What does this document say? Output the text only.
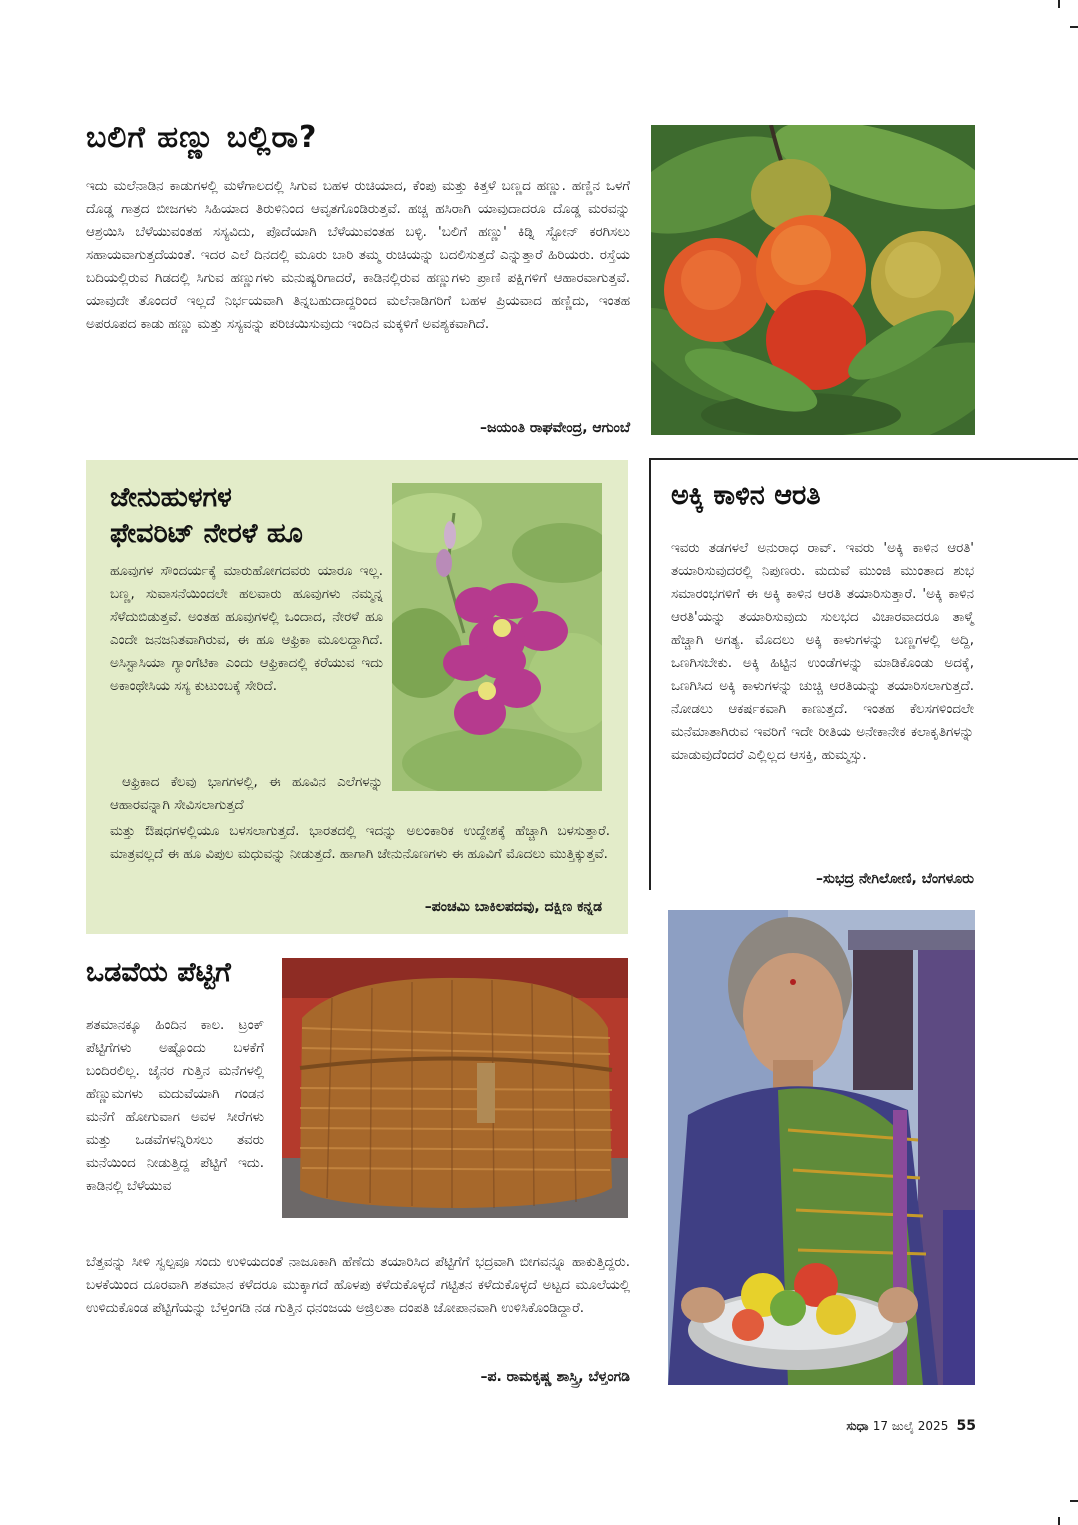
ಬಲಿಗೆ ಹಣ್ಣು ಬಲ್ಲಿರಾ?
ಇದು ಮಲೆನಾಡಿನ ಕಾಡುಗಳಲ್ಲಿ ಮಳೆಗಾಲದಲ್ಲಿ ಸಿಗುವ ಬಹಳ ರುಚಿಯಾದ, ಕೆಂಪು ಮತ್ತು ಕಿತ್ತಳೆ ಬಣ್ಣದ ಹಣ್ಣು. ಹಣ್ಣಿನ ಒಳಗೆ ದೊಡ್ಡ ಗಾತ್ರದ ಬೀಜಗಳು ಸಿಹಿಯಾದ ತಿರುಳಿನಿಂದ ಆವೃತಗೊಂಡಿರುತ್ತವೆ. ಹಚ್ಚ ಹಸಿರಾಗಿ ಯಾವುದಾದರೂ ದೊಡ್ಡ ಮರವನ್ನು ಆಶ್ರಯಿಸಿ ಬೆಳೆಯುವಂತಹ ಸಸ್ಯವಿದು, ಪೊದೆಯಾಗಿ ಬೆಳೆಯುವಂತಹ ಬಳ್ಳಿ. 'ಬಲಿಗೆ ಹಣ್ಣು' ಕಿಡ್ನಿ ಸ್ಟೋನ್ ಕರಗಿಸಲು ಸಹಾಯವಾಗುತ್ತದೆಯಂತೆ. ಇದರ ಎಲೆ ದಿನದಲ್ಲಿ ಮೂರು ಬಾರಿ ತಮ್ಮ ರುಚಿಯನ್ನು ಬದಲಿಸುತ್ತದೆ ಎನ್ನುತ್ತಾರೆ ಹಿರಿಯರು. ರಸ್ತೆಯ ಬದಿಯಲ್ಲಿರುವ ಗಿಡದಲ್ಲಿ ಸಿಗುವ ಹಣ್ಣುಗಳು ಮನುಷ್ಯರಿಗಾದರೆ, ಕಾಡಿನಲ್ಲಿರುವ ಹಣ್ಣುಗಳು ಪ್ರಾಣಿ ಪಕ್ಷಿಗಳಿಗೆ ಆಹಾರವಾಗುತ್ತವೆ. ಯಾವುದೇ ತೊಂದರೆ ಇಲ್ಲದೆ ನಿರ್ಭಯವಾಗಿ ತಿನ್ನಬಹುದಾದ್ದರಿಂದ ಮಲೆನಾಡಿಗರಿಗೆ ಬಹಳ ಪ್ರಿಯವಾದ ಹಣ್ಣಿದು, ಇಂತಹ ಅಪರೂಪದ ಕಾಡು ಹಣ್ಣು ಮತ್ತು ಸಸ್ಯವನ್ನು ಪರಿಚಯಿಸುವುದು ಇಂದಿನ ಮಕ್ಕಳಿಗೆ ಅವಶ್ಯಕವಾಗಿದೆ.
–ಜಯಂತಿ ರಾಘವೇಂದ್ರ, ಆಗುಂಬೆ
ಜೇನುಹುಳಗಳ
ಫೇವರಿಟ್ ನೇರಳೆ ಹೂ
ಹೂವುಗಳ ಸೌಂದರ್ಯಕ್ಕೆ ಮಾರುಹೋಗದವರು ಯಾರೂ ಇಲ್ಲ. ಬಣ್ಣ, ಸುವಾಸನೆಯಿಂದಲೇ ಹಲವಾರು ಹೂವುಗಳು ನಮ್ಮನ್ನ ಸೆಳೆದುಬಿಡುತ್ತವೆ. ಅಂತಹ ಹೂವುಗಳಲ್ಲಿ ಒಂದಾದ, ನೇರಳೆ ಹೂ ಎಂದೇ ಜನಜನಿತವಾಗಿರುವ, ಈ ಹೂ ಆಫ್ರಿಕಾ ಮೂಲದ್ದಾಗಿದೆ. ಅಸಿಸ್ಟಾಸಿಯಾ ಗ್ಯಾಂಗೆಟಿಕಾ ಎಂದು ಆಫ್ರಿಕಾದಲ್ಲಿ ಕರೆಯುವ ಇದು ಅಕಾಂಥೇಸಿಯ ಸಸ್ಯ ಕುಟುಂಬಕ್ಕೆ ಸೇರಿದೆ.
ಆಫ್ರಿಕಾದ ಕೆಲವು ಭಾಗಗಳಲ್ಲಿ, ಈ ಹೂವಿನ ಎಲೆಗಳನ್ನು ಆಹಾರವನ್ನಾಗಿ ಸೇವಿಸಲಾಗುತ್ತದೆ
ಮತ್ತು ಔಷಧಗಳಲ್ಲಿಯೂ ಬಳಸಲಾಗುತ್ತದೆ. ಭಾರತದಲ್ಲಿ ಇದನ್ನು ಅಲಂಕಾರಿಕ ಉದ್ದೇಶಕ್ಕೆ ಹೆಚ್ಚಾಗಿ ಬಳಸುತ್ತಾರೆ. ಮಾತ್ರವಲ್ಲದೆ ಈ ಹೂ ವಿಪುಲ ಮಧುವನ್ನು ನೀಡುತ್ತದೆ. ಹಾಗಾಗಿ ಜೇನುನೊಣಗಳು ಈ ಹೂವಿಗೆ ಮೊದಲು ಮುತ್ತಿಕ್ಕುತ್ತವೆ.
–ಪಂಚಮಿ ಬಾಕಿಲಪದವು, ದಕ್ಷಿಣ ಕನ್ನಡ
ಅಕ್ಕಿ ಕಾಳಿನ ಆರತಿ
ಇವರು ತಡಗಳಲೆ ಅನುರಾಧ ರಾವ್. ಇವರು 'ಅಕ್ಕಿ ಕಾಳಿನ ಆರತಿ' ತಯಾರಿಸುವುದರಲ್ಲಿ ನಿಪುಣರು. ಮದುವೆ ಮುಂಜಿ ಮುಂತಾದ ಶುಭ ಸಮಾರಂಭಗಳಿಗೆ ಈ ಅಕ್ಕಿ ಕಾಳಿನ ಆರತಿ ತಯಾರಿಸುತ್ತಾರೆ. 'ಅಕ್ಕಿ ಕಾಳಿನ ಆರತಿ'ಯನ್ನು ತಯಾರಿಸುವುದು ಸುಲಭದ ವಿಚಾರವಾದರೂ ತಾಳ್ಮೆ ಹೆಚ್ಚಾಗಿ ಅಗತ್ಯ. ಮೊದಲು ಅಕ್ಕಿ ಕಾಳುಗಳನ್ನು ಬಣ್ಣಗಳಲ್ಲಿ ಅದ್ದಿ, ಒಣಗಿಸಬೇಕು. ಅಕ್ಕಿ ಹಿಟ್ಟಿನ ಉಂಡೆಗಳನ್ನು ಮಾಡಿಕೊಂಡು ಅದಕ್ಕೆ, ಒಣಗಿಸಿದ ಅಕ್ಕಿ ಕಾಳುಗಳನ್ನು ಚುಚ್ಚಿ ಆರತಿಯನ್ನು ತಯಾರಿಸಲಾಗುತ್ತದೆ. ನೋಡಲು ಆಕರ್ಷಕವಾಗಿ ಕಾಣುತ್ತದೆ. ಇಂತಹ ಕೆಲಸಗಳಿಂದಲೇ ಮನೆಮಾತಾಗಿರುವ ಇವರಿಗೆ ಇದೇ ರೀತಿಯ ಅನೇಕಾನೇಕ ಕಲಾಕೃತಿಗಳನ್ನು ಮಾಡುವುದೆಂದರೆ ಎಲ್ಲಿಲ್ಲದ ಆಸಕ್ತಿ, ಹುಮ್ಮಸ್ಸು.
–ಸುಭದ್ರ ನೇಗಿಲೋಣಿ, ಬೆಂಗಳೂರು
ಒಡವೆಯ ಪೆಟ್ಟಿಗೆ
ಶತಮಾನಕ್ಕೂ ಹಿಂದಿನ ಕಾಲ. ಟ್ರಂಕ್ ಪೆಟ್ಟಿಗೆಗಳು ಅಷ್ಟೊಂದು ಬಳಕೆಗೆ ಬಂದಿರಲಿಲ್ಲ. ಜೈನರ ಗುತ್ತಿನ ಮನೆಗಳಲ್ಲಿ ಹೆಣ್ಣುಮಗಳು ಮದುವೆಯಾಗಿ ಗಂಡನ ಮನೆಗೆ ಹೋಗುವಾಗ ಅವಳ ಸೀರೆಗಳು ಮತ್ತು ಒಡವೆಗಳನ್ನಿರಿಸಲು ತವರು ಮನೆಯಿಂದ ನೀಡುತ್ತಿದ್ದ ಪೆಟ್ಟಿಗೆ ಇದು. ಕಾಡಿನಲ್ಲಿ ಬೆಳೆಯುವ
ಬೆತ್ತವನ್ನು ಸೀಳಿ ಸ್ವಲ್ಪವೂ ಸಂದು ಉಳಿಯದಂತೆ ನಾಜೂಕಾಗಿ ಹೆಣೆದು ತಯಾರಿಸಿದ ಪೆಟ್ಟಿಗೆಗೆ ಭದ್ರವಾಗಿ ಬೀಗವನ್ನೂ ಹಾಕುತ್ತಿದ್ದರು. ಬಳಕೆಯಿಂದ ದೂರವಾಗಿ ಶತಮಾನ ಕಳೆದರೂ ಮುಕ್ಕಾಗದೆ ಹೊಳಪು ಕಳೆದುಕೊಳ್ಳದೆ ಗಟ್ಟಿತನ ಕಳೆದುಕೊಳ್ಳದೆ ಅಟ್ಟದ ಮೂಲೆಯಲ್ಲಿ ಉಳಿದುಕೊಂಡ ಪೆಟ್ಟಿಗೆಯನ್ನು ಬೆಳ್ತಂಗಡಿ ನಡ ಗುತ್ತಿನ ಧನಂಜಯ ಅಜ್ರಿಲತಾ ದಂಪತಿ ಜೋಪಾನವಾಗಿ ಉಳಿಸಿಕೊಂಡಿದ್ದಾರೆ.
–ಪ. ರಾಮಕೃಷ್ಣ ಶಾಸ್ತ್ರಿ, ಬೆಳ್ತಂಗಡಿ
ಸುಧಾ 17 ಜುಲೈ 2025 55
